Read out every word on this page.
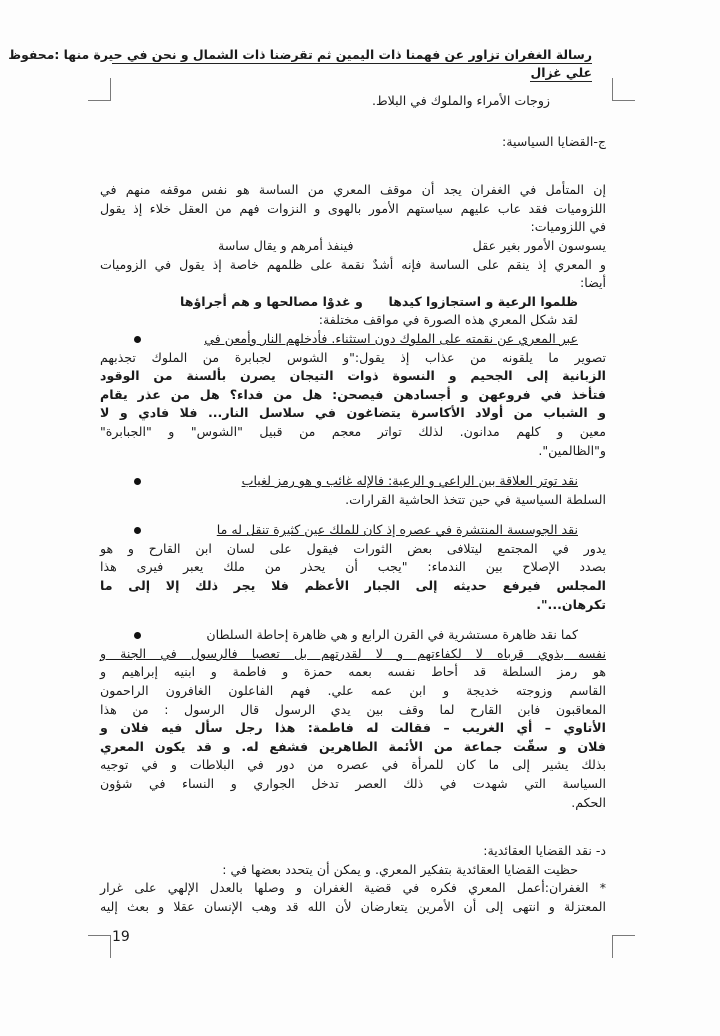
رسالة الغفران تزاور عن فهمنا ذات اليمين ثم تقرضنا ذات الشمال و نحن في حيرة منها :محفوظ
علي غزال

زوجات الأمراء والملوك في البلاط.

ج-القضايا السياسية:

إن المتأمل في الغفران يجد أن موقف المعري من الساسة هو نفس موقفه منهم في

اللزوميات فقد عاب عليهم سياستهم الأمور بالهوى و النزوات فهم من العقل خلاء إذ يقول

في اللزوميات:

يسوسون الأمور بغير عقل
فينفذ أمرهم و يقال ساسة

و المعري إذ ينقم على الساسة فإنه أشدٌ نقمة على ظلمهم خاصة إذ يقول في الزوميات

أيضا:

ظلموا الرعية و استجازوا كيدها
و غدوْا مصالحها و هم أجراؤها

لقد شكل المعري هذه الصورة في مواقف مختلفة:

عبر المعري عن نقمته على الملوك دون استثناء. فأدخلهم النار وأمعن في

تصوير ما يلقونه من عذاب إذ يقول:"و الشوس لجبابرة من الملوك تجذبهم

الزبانية إلى الجحيم و النسوة ذوات التيجان يصرن بألسنة من الوقود

فتأخذ في فروعهن و أجسادهن فيصحن: هل من فداء؟ هل من عذر يقام

و الشباب من أولاد الأكاسرة يتضاغون في سلاسل النار... فلا فادي و لا

معين و كلهم مدانون. لذلك تواتر معجم من قبيل "الشوس" و "الجبابرة"

و"الظالمين".

نقد توتر العلاقة بين الراعي و الرعية: فالإله غائب و هو رمز لغياب

السلطة السياسية في حين تتخذ الحاشية القرارات.

نقد الجوسسة المنتشرة في عصره إذ كان للملك عين كثيرة تنقل له ما

يدور في المجتمع ليتلافى بعض الثورات فيقول على لسان ابن القارح و هو

بصدد الإصلاح بين الندماء: "يجب أن يحذر من ملك يعبر فيرى هذا

المجلس فيرفع حديثه إلى الجبار الأعظم فلا يجر ذلك إلا إلى ما

تكرهان...".

كما نقد ظاهرة مستشرية في القرن الرابع و هي ظاهرة إحاطة السلطان

نفسه بذوي قرباه لا لكفاءتهم و لا لقدرتهم بل تعصبا فالرسول في الجنة و

هو رمز السلطة قد أحاط نفسه بعمه حمزة و فاطمة و ابنيه إبراهيم و

القاسم وزوجته خديجة و ابن عمه علي. فهم الفاعلون الغافرون الراحمون

المعاقبون فابن القارح لما وقف بين يدي الرسول قال الرسول : من هذا

الأتاوي – أي الغريب – فقالت له فاطمة: هذا رجل سأل فيه فلان و

فلان و سقّت جماعة من الأئمة الطاهرين فشفع له. و قد يكون المعري

بذلك يشير إلى ما كان للمرأة في عصره من دور في البلاطات و في توجيه

السياسة التي شهدت في ذلك العصر تدخل الجواري و النساء في شؤون

الحكم.

د- نقد القضايا العقائدية:

حظيت القضايا العقائدية بتفكير المعري. و يمكن أن يتحدد بعضها في :

* الغفران:أعمل المعري فكره في قضية الغفران و وصلها بالعدل الإلهي على غرار

المعتزلة و انتهى إلى أن الأمرين يتعارضان لأن الله قد وهب الإنسان عقلا و بعث إليه

19
